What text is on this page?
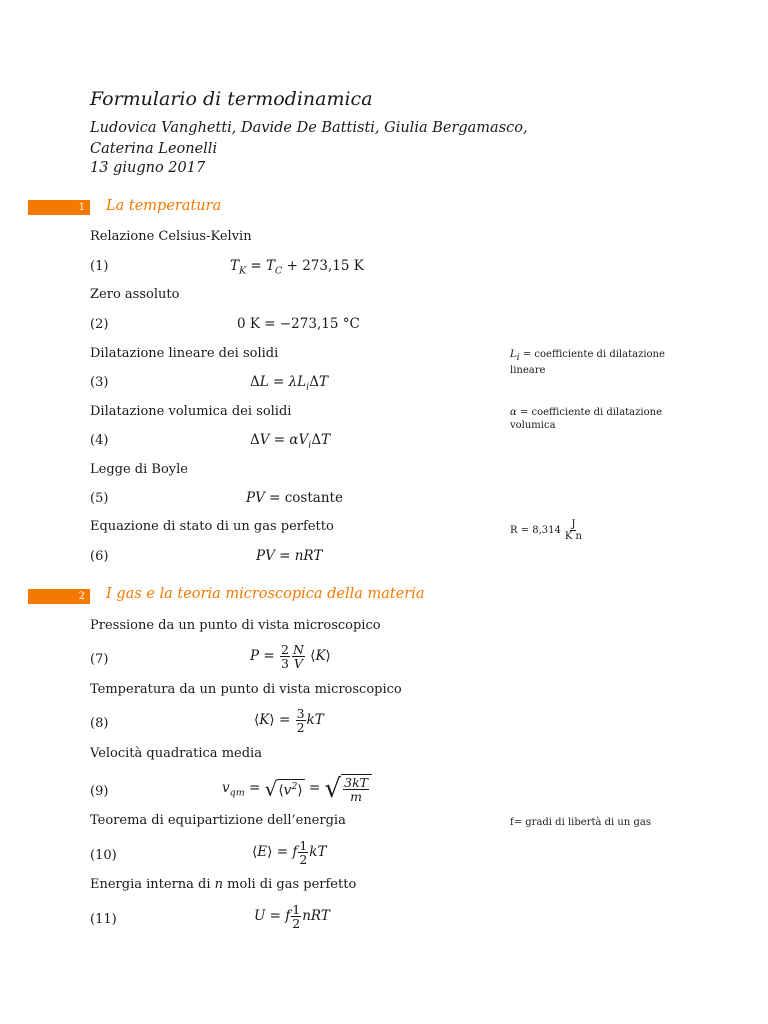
Formulario di termodinamica
Ludovica Vanghetti, Davide De Battisti, Giulia Bergamasco,
Caterina Leonelli
13 giugno 2017
1	La temperatura
Relazione Celsius-Kelvin
(1)	$T_K = T_C + 273,15$ K
Zero assoluto
(2)	0 K = −273,15 °C
Dilatazione lineare dei solidi	$L_i$ = coefficiente di dilatazione lineare
(3)	$\Delta L = \lambda L_i\Delta T$
Dilatazione volumica dei solidi	α = coefficiente di dilatazione volumica
(4)	$\Delta V = \alpha V_i\Delta T$
Legge di Boyle
(5)	PV = costante
Equazione di stato di un gas perfetto	$R = 8,314 \frac{J}{\text{K n}}$
(6)	PV = nRT
2	I gas e la teoria microscopica della materia
Pressione da un punto di vista microscopico
(7)	$P = \frac{2}{3} \frac{N}{V}$ ⟨K⟩
Temperatura da un punto di vista microscopico
(8)	⟨K⟩ = $\frac{3}{2}$ kT
Velocità quadratica media
(9)	$v_{qm}$ = √ $⟨v^2⟩$ = √ $\frac{3kT}{m}$
Teorema di equipartizione dell’energia	f= gradi di libertà di un gas
(10)	⟨E⟩ = f $\frac{1}{2}$ kT
Energia interna di n moli di gas perfetto
(11)	U = f $\frac{1}{2}$ nRT
